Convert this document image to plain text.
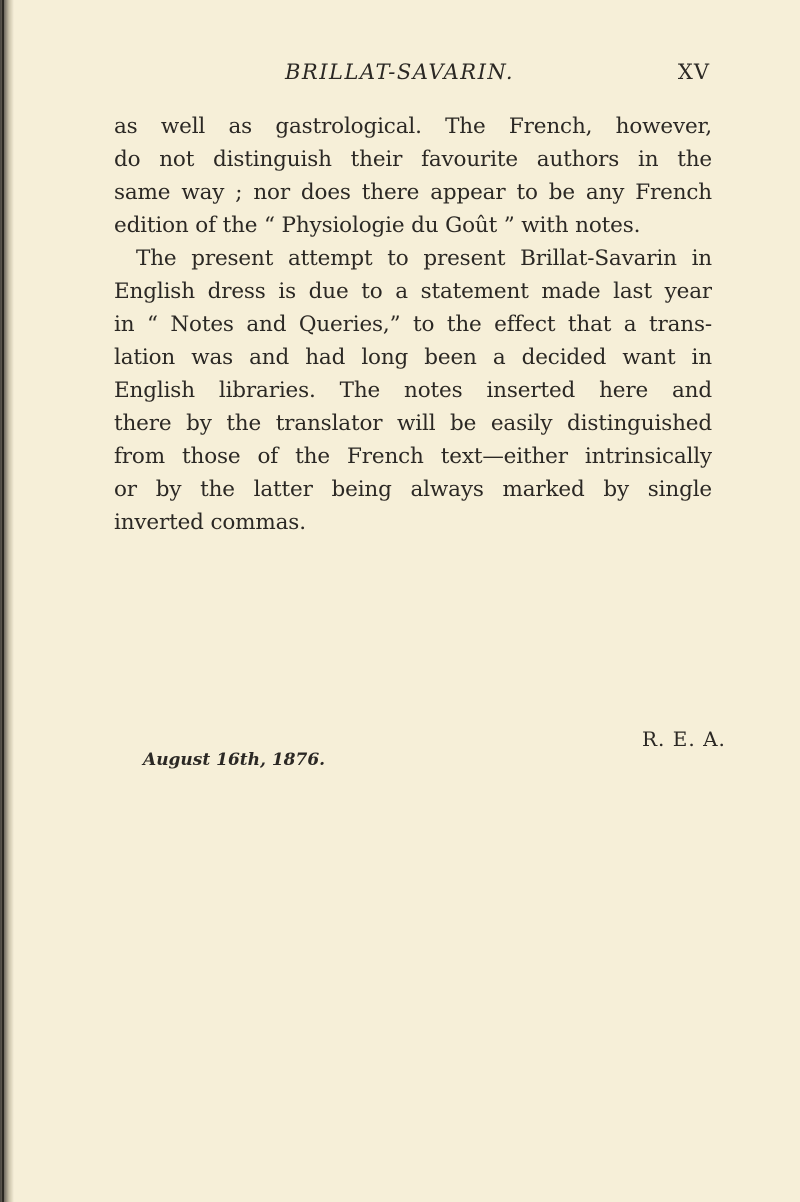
BRILLAT-SAVARIN.	XV
as well as gastrological. The French, however,
do not distinguish their favourite authors in the
same way ; nor does there appear to be any French
edition of the “ Physiologie du Goût ” with notes.
The present attempt to present Brillat-Savarin in
English dress is due to a statement made last year
in “ Notes and Queries,” to the effect that a trans-
lation was and had long been a decided want in
English libraries. The notes inserted here and
there by the translator will be easily distinguished
from those of the French text—either intrinsically
or by the latter being always marked by single
inverted commas.
R. E. A.
August 16th, 1876.
